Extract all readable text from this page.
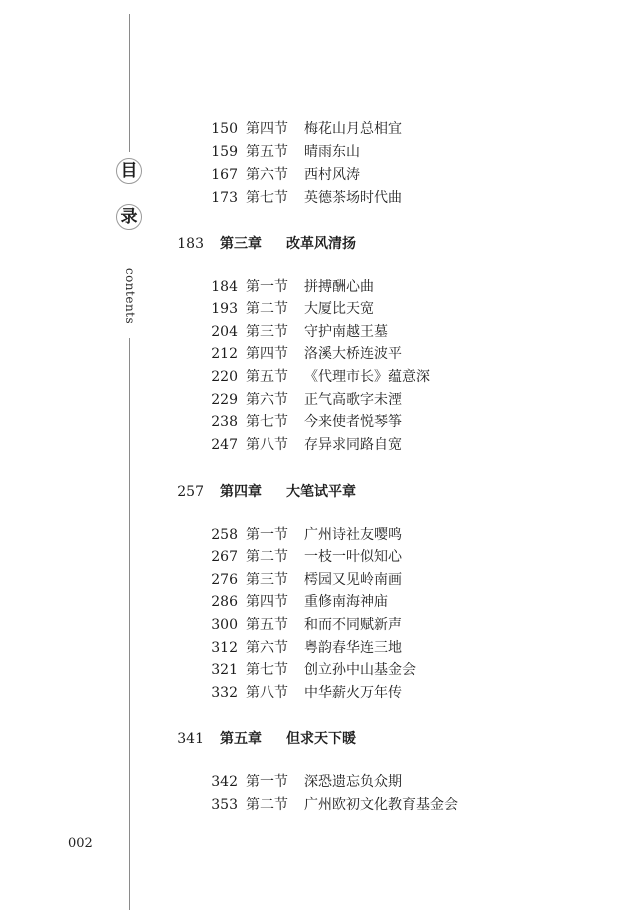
目
录
contents
150 第四节 梅花山月总相宜
159 第五节 晴雨东山
167 第六节 西村风涛
173 第七节 英德茶场时代曲
183 第三章 改革风清扬
184 第一节 拼搏酬心曲
193 第二节 大厦比天宽
204 第三节 守护南越王墓
212 第四节 洛溪大桥连波平
220 第五节 《代理市长》蕴意深
229 第六节 正气高歌字未湮
238 第七节 今来使者悦琴筝
247 第八节 存异求同路自宽
257 第四章 大笔试平章
258 第一节 广州诗社友嘤鸣
267 第二节 一枝一叶似知心
276 第三节 樗园又见岭南画
286 第四节 重修南海神庙
300 第五节 和而不同赋新声
312 第六节 粤韵春华连三地
321 第七节 创立孙中山基金会
332 第八节 中华薪火万年传
341 第五章 但求天下暖
342 第一节 深恐遗忘负众期
353 第二节 广州欧初文化教育基金会
002
